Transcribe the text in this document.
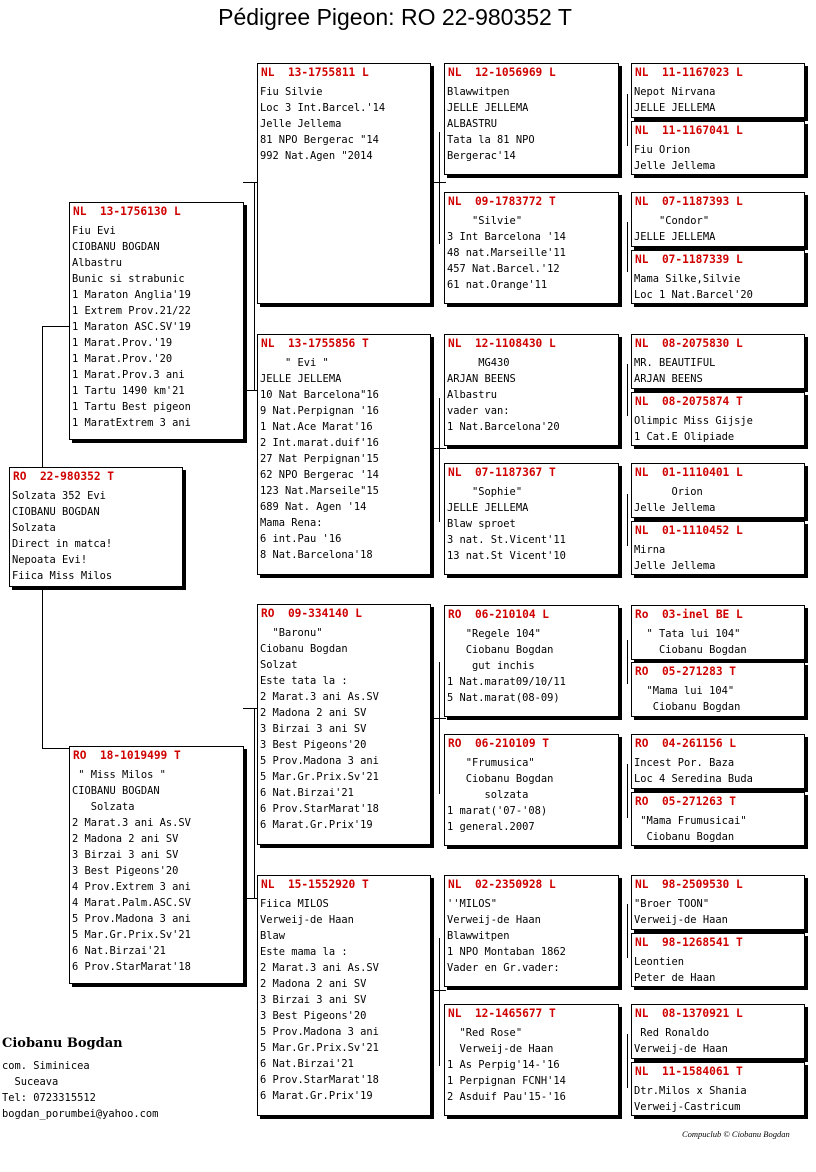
Pédigree Pigeon: RO 22-980352 T
RO  22-980352 T
Solzata 352 Evi
CIOBANU BOGDAN
Solzata
Direct in matca!
Nepoata Evi!
Fiica Miss Milos
NL  13-1756130 L
Fiu Evi
CIOBANU BOGDAN
Albastru
Bunic si strabunic
1 Maraton Anglia'19
1 Extrem Prov.21/22
1 Maraton ASC.SV'19
1 Marat.Prov.'19
1 Marat.Prov.'20
1 Marat.Prov.3 ani
1 Tartu 1490 km'21
1 Tartu Best pigeon
1 MaratExtrem 3 ani
RO  18-1019499 T
" Miss Milos "
CIOBANU BOGDAN
Solzata
2 Marat.3 ani As.SV
2 Madona 2 ani SV
3 Birzai 3 ani SV
3 Best Pigeons'20
4 Prov.Extrem 3 ani
4 Marat.Palm.ASC.SV
5 Prov.Madona 3 ani
5 Mar.Gr.Prix.Sv'21
6 Nat.Birzai'21
6 Prov.StarMarat'18
NL  13-1755811 L
Fiu Silvie
Loc 3 Int.Barcel.'14
Jelle Jellema
81 NPO Bergerac "14
992 Nat.Agen "2014
NL  13-1755856 T
" Evi "
JELLE JELLEMA
10 Nat Barcelona"16
9 Nat.Perpignan '16
1 Nat.Ace Marat'16
2 Int.marat.duif'16
27 Nat Perpignan'15
62 NPO Bergerac '14
123 Nat.Marseile"15
689 Nat. Agen '14
Mama Rena:
6 int.Pau '16
8 Nat.Barcelona'18
RO  09-334140 L
"Baronu"
Ciobanu Bogdan
Solzat
Este tata la :
2 Marat.3 ani As.SV
2 Madona 2 ani SV
3 Birzai 3 ani SV
3 Best Pigeons'20
5 Prov.Madona 3 ani
5 Mar.Gr.Prix.Sv'21
6 Nat.Birzai'21
6 Prov.StarMarat'18
6 Marat.Gr.Prix'19
NL  15-1552920 T
Fiica MILOS
Verweij-de Haan
Blaw
Este mama la :
2 Marat.3 ani As.SV
2 Madona 2 ani SV
3 Birzai 3 ani SV
3 Best Pigeons'20
5 Prov.Madona 3 ani
5 Mar.Gr.Prix.Sv'21
6 Nat.Birzai'21
6 Prov.StarMarat'18
6 Marat.Gr.Prix'19
NL  12-1056969 L
Blawwitpen
JELLE JELLEMA
ALBASTRU
Tata la 81 NPO
Bergerac'14
NL  09-1783772 T
"Silvie"
3 Int Barcelona '14
48 nat.Marseille'11
457 Nat.Barcel.'12
61 nat.Orange'11
NL  12-1108430 L
MG430
ARJAN BEENS
Albastru
vader van:
1 Nat.Barcelona'20
NL  07-1187367 T
"Sophie"
JELLE JELLEMA
Blaw sproet
3 nat. St.Vicent'11
13 nat.St Vicent'10
RO  06-210104 L
"Regele 104"
Ciobanu Bogdan
gut inchis
1 Nat.marat09/10/11
5 Nat.marat(08-09)
RO  06-210109 T
"Frumusica"
Ciobanu Bogdan
solzata
1 marat('07-'08)
1 general.2007
NL  02-2350928 L
''MILOS"
Verweij-de Haan
Blawwitpen
1 NPO Montaban 1862
Vader en Gr.vader:
NL  12-1465677 T
"Red Rose"
Verweij-de Haan
1 As Perpig'14-'16
1 Perpignan FCNH'14
2 Asduif Pau'15-'16
NL  11-1167023 L
Nepot Nirvana
JELLE JELLEMA
NL  11-1167041 L
Fiu Orion
Jelle Jellema
NL  07-1187393 L
"Condor"
JELLE JELLEMA
NL  07-1187339 L
Mama Silke,Silvie
Loc 1 Nat.Barcel'20
NL  08-2075830 L
MR. BEAUTIFUL
ARJAN BEENS
NL  08-2075874 T
Olimpic Miss Gijsje
1 Cat.E Olipiade
NL  01-1110401 L
Orion
Jelle Jellema
NL  01-1110452 L
Mirna
Jelle Jellema
Ro  03-inel BE L
" Tata lui 104"
Ciobanu Bogdan
RO  05-271283 T
"Mama lui 104"
Ciobanu Bogdan
RO  04-261156 L
Incest Por. Baza
Loc 4 Seredina Buda
RO  05-271263 T
"Mama Frumusicai"
Ciobanu Bogdan
NL  98-2509530 L
"Broer TOON"
Verweij-de Haan
NL  98-1268541 T
Leontien
Peter de Haan
NL  08-1370921 L
Red Ronaldo
Verweij-de Haan
NL  11-1584061 T
Dtr.Milos x Shania
Verweij-Castricum
Ciobanu Bogdan
com. Siminicea
Suceava
Tel: 0723315512
bogdan_porumbei@yahoo.com
Compuclub © Ciobanu Bogdan
